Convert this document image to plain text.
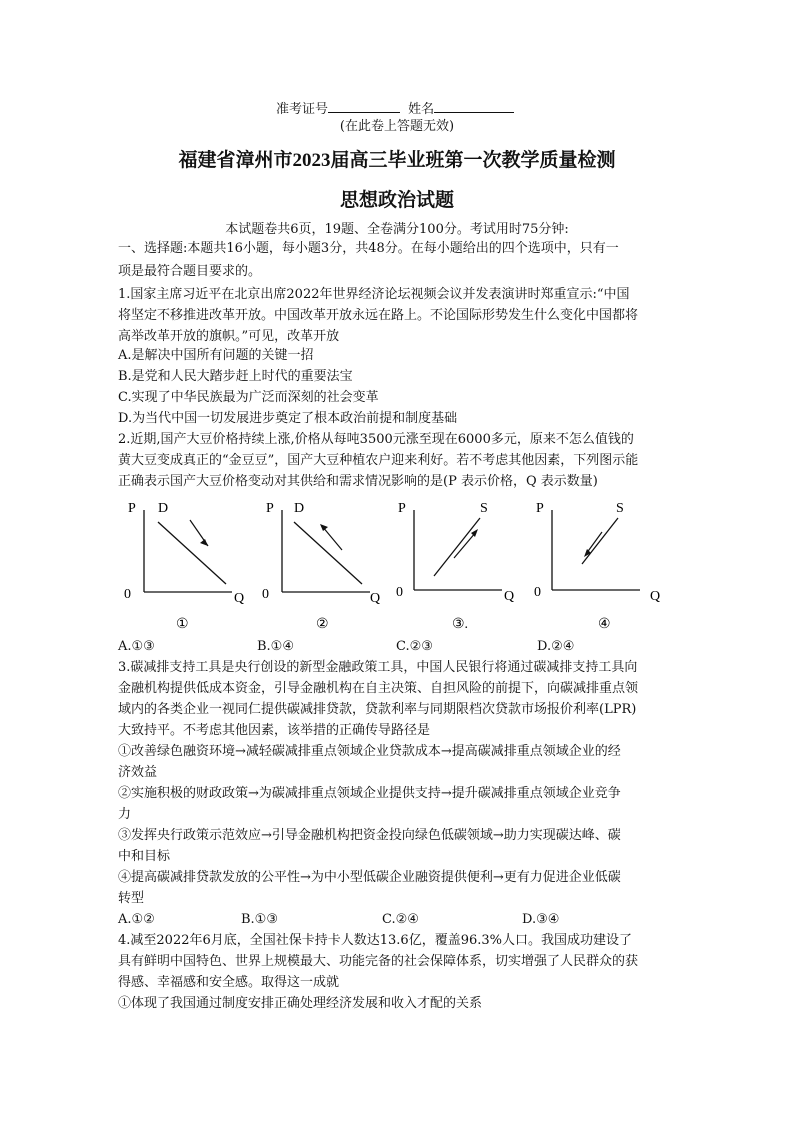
准考证号	姓名
(在此卷上答题无效)
福建省漳州市2023届高三毕业班第一次教学质量检测
思想政治试题
本试题卷共6页，19题、全卷满分100分。考试用时75分钟:
一、选择题:本题共16小题，每小题3分，共48分。在每小题给出的四个选项中，只有一
项是最符合题目要求的。
1.国家主席习近平在北京出席2022年世界经济论坛视频会议并发表演讲时郑重宣示:“中国
将坚定不移推进改革开放。中国改革开放永远在路上。不论国际形势发生什么变化中国都将
高举改革开放的旗帜。”可见，改革开放
A.是解决中国所有问题的关键一招
B.是党和人民大踏步赶上时代的重要法宝
C.实现了中华民族最为广泛而深刻的社会变革
D.为当代中国一切发展进步奠定了根本政治前提和制度基础
2.近期,国产大豆价格持续上涨,价格从每吨3500元涨至现在6000多元，原来不怎么值钱的
黄大豆变成真正的“金豆豆”，国产大豆种植农户迎来利好。若不考虑其他因素，下列图示能
正确表示国产大豆价格变动对其供给和需求情况影响的是(P 表示价格，Q 表示数量)
P D
Q
0
①
P D
Q
0
②
P	S
Q
0
③.
P	S
Q
0
④
A.①③	B.①④	C.②③	D.②④
3.碳减排支持工具是央行创设的新型金融政策工具，中国人民银行将通过碳减排支持工具向
金融机构提供低成本资金，引导金融机构在自主决策、自担风险的前提下，向碳减排重点领
域内的各类企业一视同仁提供碳减排贷款，贷款利率与同期限档次贷款市场报价利率(LPR)
大致持平。不考虑其他因素，该举措的正确传导路径是
①改善绿色融资环境→减轻碳减排重点领域企业贷款成本→提高碳减排重点领域企业的经
济效益
②实施积极的财政政策→为碳减排重点领域企业提供支持→提升碳减排重点领域企业竞争
力
③发挥央行政策示范效应→引导金融机构把资金投向绿色低碳领域→助力实现碳达峰、碳
中和目标
④提高碳减排贷款发放的公平性→为中小型低碳企业融资提供便利→更有力促进企业低碳
转型
A.①②	B.①③	C.②④	D.③④
4.减至2022年6月底，全国社保卡持卡人数达13.6亿，覆盖96.3%人口。我国成功建设了
具有鲜明中国特色、世界上规模最大、功能完备的社会保障体系，切实增强了人民群众的获
得感、幸福感和安全感。取得这一成就
①体现了我国通过制度安排正确处理经济发展和收入才配的关系
